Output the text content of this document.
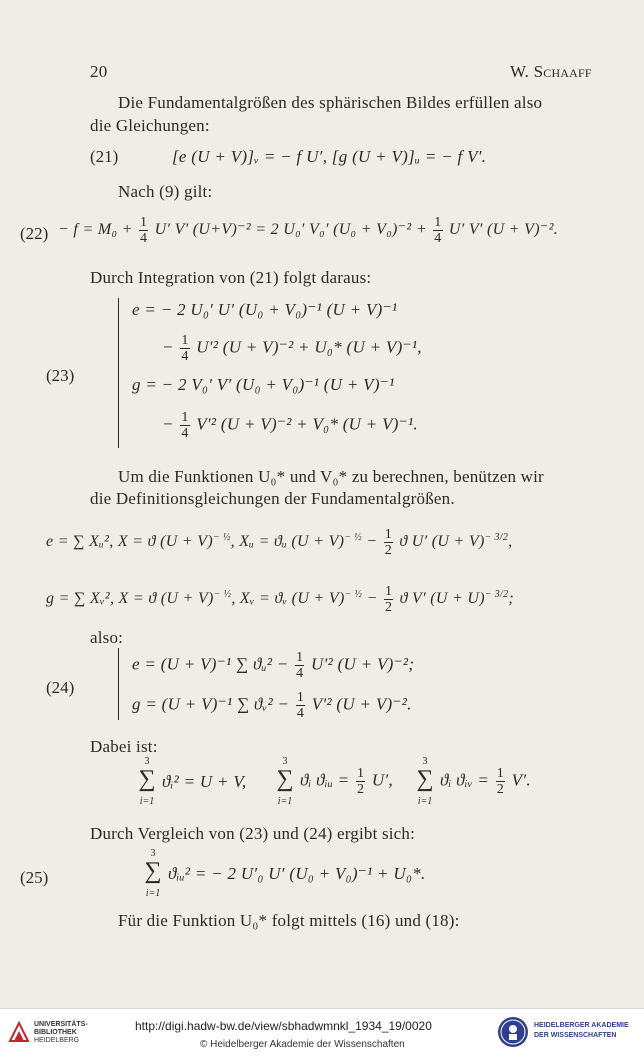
20	W. Schaaff
Die Fundamentalgrößen des sphärischen Bildes erfüllen also
die Gleichungen:
(21)	[e (U + V)]ᵥ = − f U′, [g (U + V)]ᵤ = − f V′.
Nach (9) gilt:
$(22) - f = M_0 + \frac{1}{4} U'$ V′ (U+V)⁻² = 2 U₀′ V₀′ $(U_0 + V_0)^{-2} + \frac{1}{4} U'$ V′ (U + V)⁻².
Durch Integration von (21) folgt daraus:
(23)
e = − 2 U₀′ U′ (U₀ + V₀)⁻¹ (U + V)⁻¹
− $\frac{1}{4} U'^2$ (U + V)⁻² + U₀* (U + V)⁻¹,
g = − 2 V₀′ V′ (U₀ + V₀)⁻¹ (U + V)⁻¹
− $\frac{1}{4} V'^2$ (U + V)⁻² + V₀* (U + V)⁻¹.
Um die Funktionen U₀* und V₀* zu berechnen, benützen wir
die Definitionsgleichungen der Fundamentalgrößen.
e = ∑ Xᵤ², X = ϑ $(U + V)^{- \frac{1}{2}}$, Xᵤ = ϑᵤ $(U + V)^{- \frac{1}{2}} - \frac{1}{2}$ ϑ U′ $(U + V)^{- 3/2}$,
g = ∑ Xᵥ², X = ϑ $(U + V)^{- \frac{1}{2}}$, Xᵥ = ϑᵥ $(U + V)^{- \frac{1}{2}} - \frac{1}{2}$ ϑ V′ $(U + U)^{- 3/2}$;
also:
(24)
e = (U + V)⁻¹ ∑ ϑᵤ² − $\frac{1}{4} U'^2$ (U + V)⁻²;
g = (U + V)⁻¹ ∑ ϑᵥ² − $\frac{1}{4} V'^2$ (U + V)⁻².
Dabei ist:
3
∑
i=1
ϑᵢ² = U + V,
3
∑
i=1
ϑᵢ ϑᵢᵤ = $\frac{1}{2} U'$,
3
∑
i=1
ϑᵢ ϑᵢᵥ = $\frac{1}{2} V'$.
Durch Vergleich von (23) und (24) ergibt sich:
(25)
3
∑
i=1
ϑᵢᵤ² = − 2 U′₀ U′ (U₀ + V₀)⁻¹ + U₀*.
Für die Funktion U₀* folgt mittels (16) und (18):
UNIVERSITÄTS-
BIBLIOTHEK
HEIDELBERG
http://digi.hadw-bw.de/view/sbhadwmnkl_1934_19/0020
© Heidelberger Akademie der Wissenschaften
HEIDELBERGER AKADEMIE
DER WISSENSCHAFTEN
